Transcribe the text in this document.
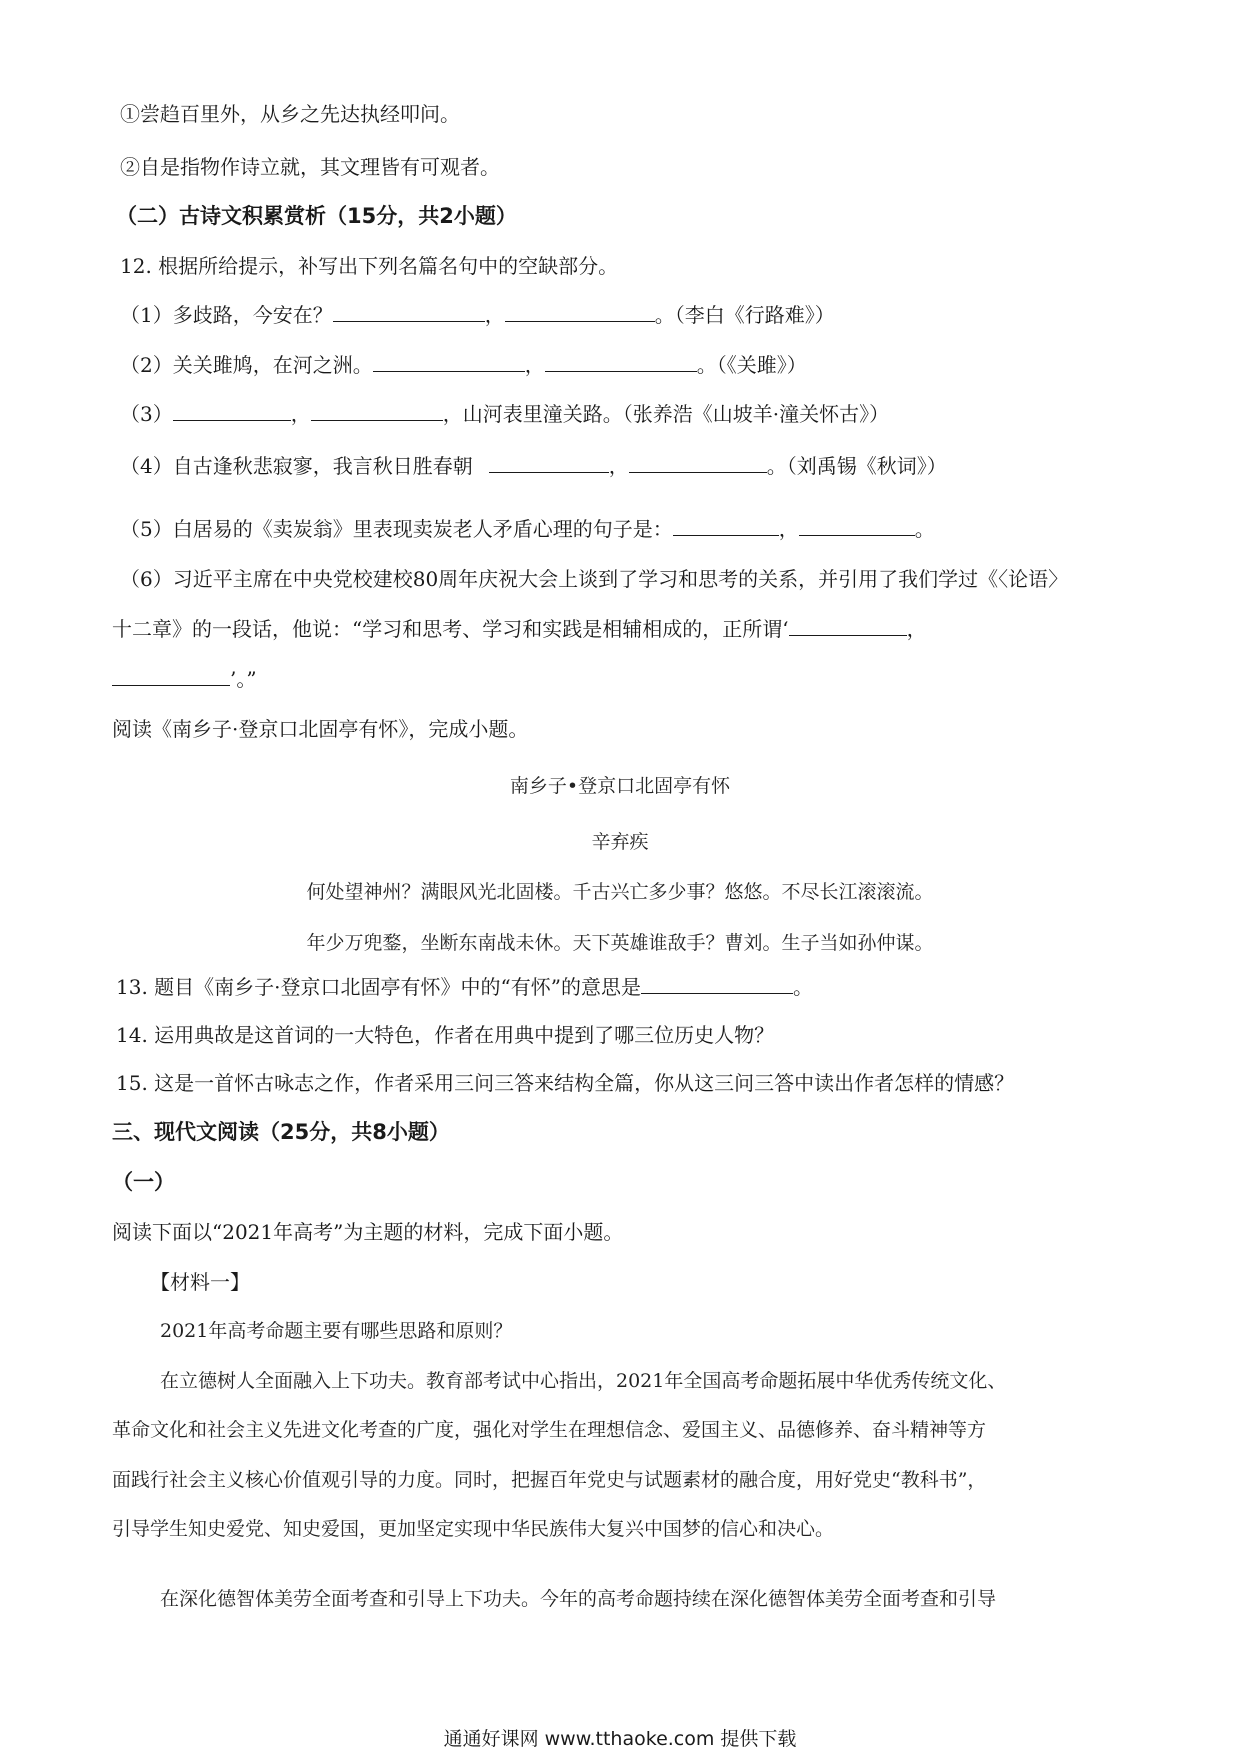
①尝趋百里外，从乡之先达执经叩问。
②自是指物作诗立就，其文理皆有可观者。
（二）古诗文积累赏析（15分，共2小题）
12. 根据所给提示，补写出下列名篇名句中的空缺部分。
（1）多歧路，今安在？	，	。（李白《行路难》）
（2）关关雎鸠，在河之洲。	，	。（《关雎》）
（3）	，	，山河表里潼关路。（张养浩《山坡羊·潼关怀古》）
（4）自古逢秋悲寂寥，我言秋日胜春朝	，	。（刘禹锡《秋词》）
（5）白居易的《卖炭翁》里表现卖炭老人矛盾心理的句子是：	，	。
（6）习近平主席在中央党校建校80周年庆祝大会上谈到了学习和思考的关系，并引用了我们学过《〈论语〉
十二章》的一段话，他说：“学习和思考、学习和实践是相辅相成的，正所谓‘	，
’。”
阅读《南乡子·登京口北固亭有怀》，完成小题。
南乡子•登京口北固亭有怀
辛弃疾
何处望神州？满眼风光北固楼。千古兴亡多少事？悠悠。不尽长江滚滚流。
年少万兜鍪，坐断东南战未休。天下英雄谁敌手？曹刘。生子当如孙仲谋。
13. 题目《南乡子·登京口北固亭有怀》中的“有怀”的意思是	。
14. 运用典故是这首词的一大特色，作者在用典中提到了哪三位历史人物？
15. 这是一首怀古咏志之作，作者采用三问三答来结构全篇，你从这三问三答中读出作者怎样的情感？
三、现代文阅读（25分，共8小题）
（一）
阅读下面以“2021年高考”为主题的材料，完成下面小题。
【材料一】
2021年高考命题主要有哪些思路和原则？
在立德树人全面融入上下功夫。教育部考试中心指出，2021年全国高考命题拓展中华优秀传统文化、
革命文化和社会主义先进文化考查的广度，强化对学生在理想信念、爱国主义、品德修养、奋斗精神等方
面践行社会主义核心价值观引导的力度。同时，把握百年党史与试题素材的融合度，用好党史“教科书”，
引导学生知史爱党、知史爱国，更加坚定实现中华民族伟大复兴中国梦的信心和决心。
在深化德智体美劳全面考查和引导上下功夫。今年的高考命题持续在深化德智体美劳全面考查和引导
通通好课网 www.tthaoke.com 提供下载
